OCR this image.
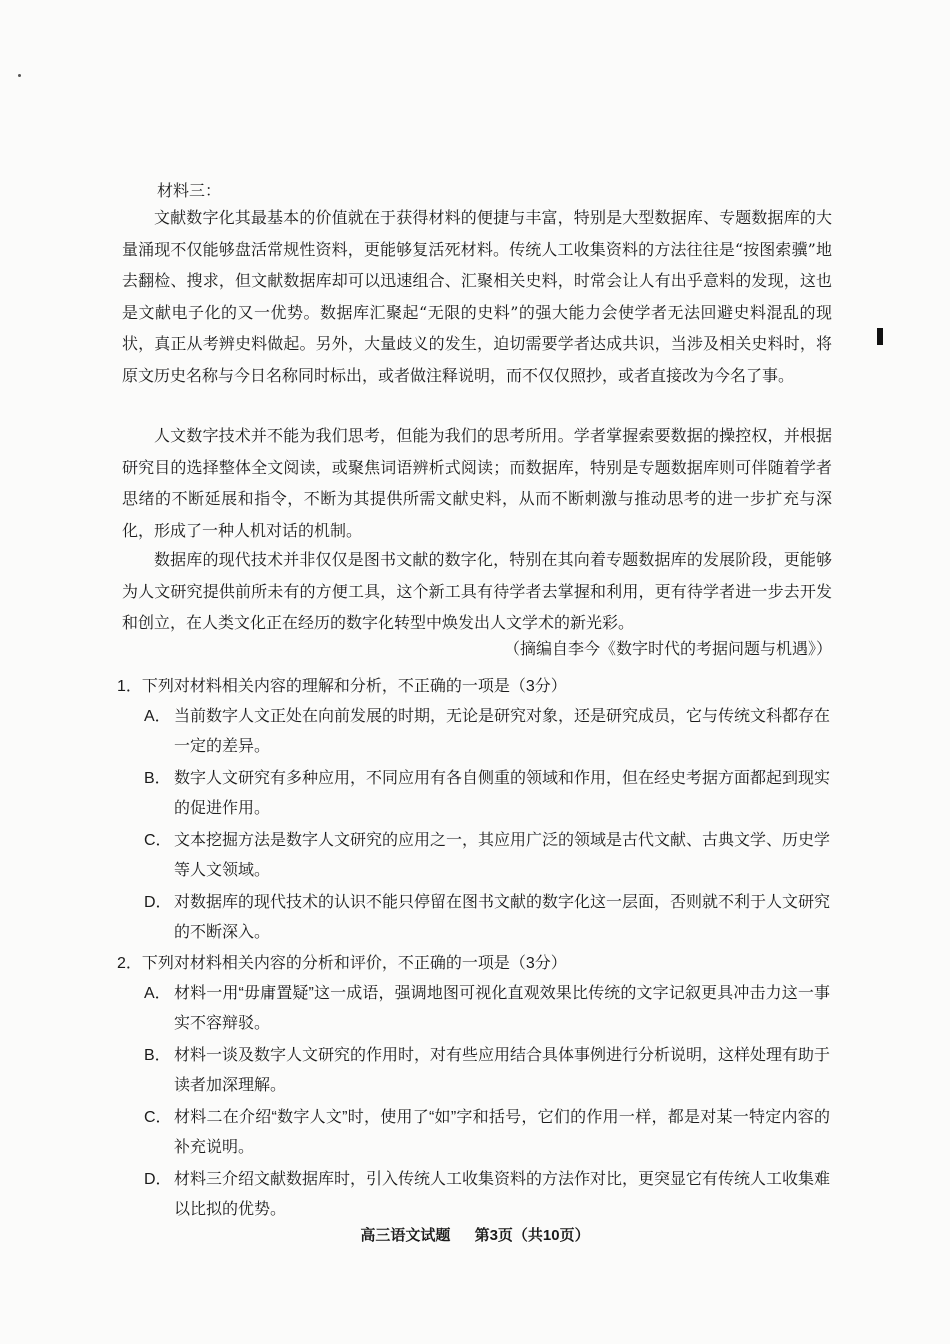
材料三：

文献数字化其最基本的价值就在于获得材料的便捷与丰富，特别是大型数据库、专题数据库的大量涌现不仅能够盘活常规性资料，更能够复活死材料。传统人工收集资料的方法往往是“按图索骥”地去翻检、搜求，但文献数据库却可以迅速组合、汇聚相关史料，时常会让人有出乎意料的发现，这也是文献电子化的又一优势。数据库汇聚起“无限的史料”的强大能力会使学者无法回避史料混乱的现状，真正从考辨史料做起。另外，大量歧义的发生，迫切需要学者达成共识，当涉及相关史料时，将原文历史名称与今日名称同时标出，或者做注释说明，而不仅仅照抄，或者直接改为今名了事。

人文数字技术并不能为我们思考，但能为我们的思考所用。学者掌握索要数据的操控权，并根据研究目的选择整体全文阅读，或聚焦词语辨析式阅读；而数据库，特别是专题数据库则可伴随着学者思绪的不断延展和指令，不断为其提供所需文献史料，从而不断刺激与推动思考的进一步扩充与深化，形成了一种人机对话的机制。

数据库的现代技术并非仅仅是图书文献的数字化，特别在其向着专题数据库的发展阶段，更能够为人文研究提供前所未有的方便工具，这个新工具有待学者去掌握和利用，更有待学者进一步去开发和创立，在人类文化正在经历的数字化转型中焕发出人文学术的新光彩。

（摘编自李今《数字时代的考据问题与机遇》）
1．下列对材料相关内容的理解和分析，不正确的一项是（3分）
A． 当前数字人文正处在向前发展的时期，无论是研究对象，还是研究成员，它与传统文科都存在一定的差异。
B． 数字人文研究有多种应用，不同应用有各自侧重的领域和作用，但在经史考据方面都起到现实的促进作用。
C． 文本挖掘方法是数字人文研究的应用之一，其应用广泛的领域是古代文献、古典文学、历史学等人文领域。
D． 对数据库的现代技术的认识不能只停留在图书文献的数字化这一层面，否则就不利于人文研究的不断深入。
2．下列对材料相关内容的分析和评价，不正确的一项是（3分）
A． 材料一用“毋庸置疑”这一成语，强调地图可视化直观效果比传统的文字记叙更具冲击力这一事实不容辩驳。
B． 材料一谈及数字人文研究的作用时，对有些应用结合具体事例进行分析说明，这样处理有助于读者加深理解。
C． 材料二在介绍“数字人文”时，使用了“如”字和括号，它们的作用一样，都是对某一特定内容的补充说明。
D． 材料三介绍文献数据库时，引入传统人工收集资料的方法作对比，更突显它有传统人工收集难以比拟的优势。
高三语文试题 第3页（共10页）
